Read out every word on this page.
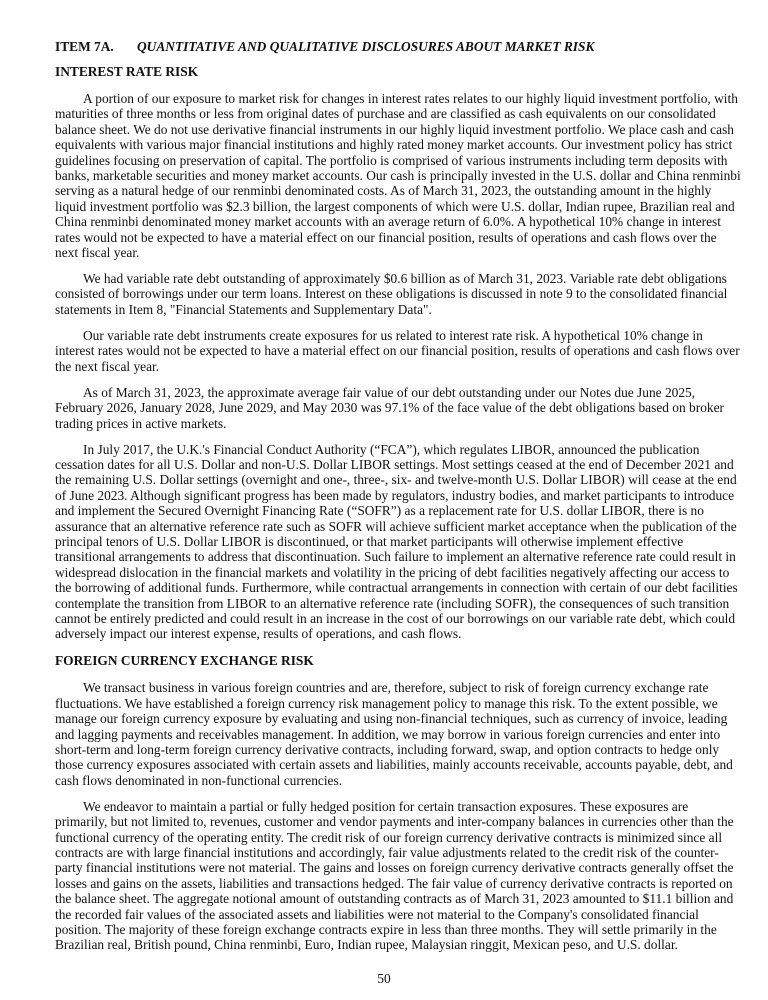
ITEM 7A. QUANTITATIVE AND QUALITATIVE DISCLOSURES ABOUT MARKET RISK
INTEREST RATE RISK
A portion of our exposure to market risk for changes in interest rates relates to our highly liquid investment portfolio, with
maturities of three months or less from original dates of purchase and are classified as cash equivalents on our consolidated
balance sheet. We do not use derivative financial instruments in our highly liquid investment portfolio. We place cash and cash
equivalents with various major financial institutions and highly rated money market accounts. Our investment policy has strict
guidelines focusing on preservation of capital. The portfolio is comprised of various instruments including term deposits with
banks, marketable securities and money market accounts. Our cash is principally invested in the U.S. dollar and China renminbi
serving as a natural hedge of our renminbi denominated costs. As of March 31, 2023, the outstanding amount in the highly
liquid investment portfolio was $2.3 billion, the largest components of which were U.S. dollar, Indian rupee, Brazilian real and
China renminbi denominated money market accounts with an average return of 6.0%. A hypothetical 10% change in interest
rates would not be expected to have a material effect on our financial position, results of operations and cash flows over the
next fiscal year.
We had variable rate debt outstanding of approximately $0.6 billion as of March 31, 2023. Variable rate debt obligations
consisted of borrowings under our term loans. Interest on these obligations is discussed in note 9 to the consolidated financial
statements in Item 8, "Financial Statements and Supplementary Data".
Our variable rate debt instruments create exposures for us related to interest rate risk. A hypothetical 10% change in
interest rates would not be expected to have a material effect on our financial position, results of operations and cash flows over
the next fiscal year.
As of March 31, 2023, the approximate average fair value of our debt outstanding under our Notes due June 2025,
February 2026, January 2028, June 2029, and May 2030 was 97.1% of the face value of the debt obligations based on broker
trading prices in active markets.
In July 2017, the U.K.'s Financial Conduct Authority (“FCA”), which regulates LIBOR, announced the publication
cessation dates for all U.S. Dollar and non-U.S. Dollar LIBOR settings. Most settings ceased at the end of December 2021 and
the remaining U.S. Dollar settings (overnight and one-, three-, six- and twelve-month U.S. Dollar LIBOR) will cease at the end
of June 2023. Although significant progress has been made by regulators, industry bodies, and market participants to introduce
and implement the Secured Overnight Financing Rate (“SOFR”) as a replacement rate for U.S. dollar LIBOR, there is no
assurance that an alternative reference rate such as SOFR will achieve sufficient market acceptance when the publication of the
principal tenors of U.S. Dollar LIBOR is discontinued, or that market participants will otherwise implement effective
transitional arrangements to address that discontinuation. Such failure to implement an alternative reference rate could result in
widespread dislocation in the financial markets and volatility in the pricing of debt facilities negatively affecting our access to
the borrowing of additional funds. Furthermore, while contractual arrangements in connection with certain of our debt facilities
contemplate the transition from LIBOR to an alternative reference rate (including SOFR), the consequences of such transition
cannot be entirely predicted and could result in an increase in the cost of our borrowings on our variable rate debt, which could
adversely impact our interest expense, results of operations, and cash flows.
FOREIGN CURRENCY EXCHANGE RISK
We transact business in various foreign countries and are, therefore, subject to risk of foreign currency exchange rate
fluctuations. We have established a foreign currency risk management policy to manage this risk. To the extent possible, we
manage our foreign currency exposure by evaluating and using non-financial techniques, such as currency of invoice, leading
and lagging payments and receivables management. In addition, we may borrow in various foreign currencies and enter into
short-term and long-term foreign currency derivative contracts, including forward, swap, and option contracts to hedge only
those currency exposures associated with certain assets and liabilities, mainly accounts receivable, accounts payable, debt, and
cash flows denominated in non-functional currencies.
We endeavor to maintain a partial or fully hedged position for certain transaction exposures. These exposures are
primarily, but not limited to, revenues, customer and vendor payments and inter-company balances in currencies other than the
functional currency of the operating entity. The credit risk of our foreign currency derivative contracts is minimized since all
contracts are with large financial institutions and accordingly, fair value adjustments related to the credit risk of the counter-
party financial institutions were not material. The gains and losses on foreign currency derivative contracts generally offset the
losses and gains on the assets, liabilities and transactions hedged. The fair value of currency derivative contracts is reported on
the balance sheet. The aggregate notional amount of outstanding contracts as of March 31, 2023 amounted to $11.1 billion and
the recorded fair values of the associated assets and liabilities were not material to the Company's consolidated financial
position. The majority of these foreign exchange contracts expire in less than three months. They will settle primarily in the
Brazilian real, British pound, China renminbi, Euro, Indian rupee, Malaysian ringgit, Mexican peso, and U.S. dollar.
50
